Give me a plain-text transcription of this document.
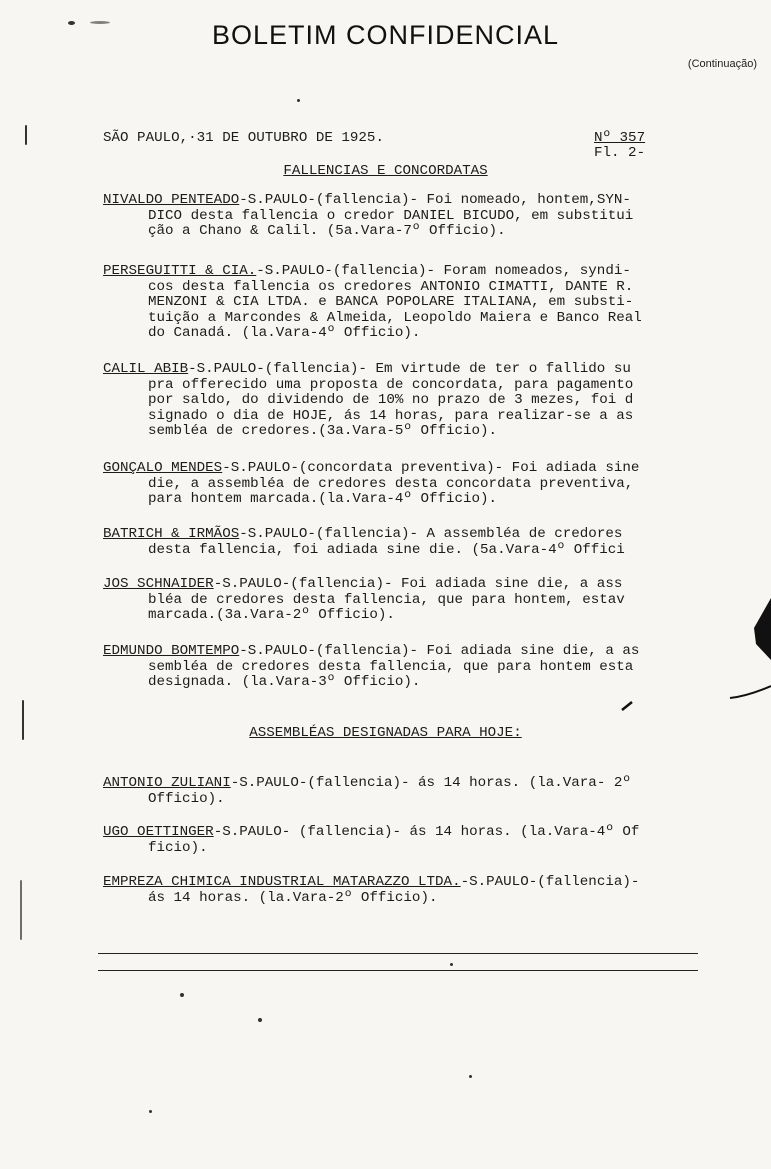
BOLETIM CONFIDENCIAL
(Continuação)
SÃO PAULO,·31 DE OUTUBRO DE 1925.	Nº 357
Fl. 2-
FALLENCIAS E CONCORDATAS
NIVALDO PENTEADO-S.PAULO-(fallencia)- Foi nomeado, hontem,SYN-
DICO desta fallencia o credor DANIEL BICUDO, em substitui
ção a Chano & Calil. (5a.Vara-7º Officio).
PERSEGUITTI & CIA.-S.PAULO-(fallencia)- Foram nomeados, syndi-
cos desta fallencia os credores ANTONIO CIMATTI, DANTE R.
MENZONI & CIA LTDA. e BANCA POPOLARE ITALIANA, em substi-
tuição a Marcondes & Almeida, Leopoldo Maiera e Banco Real
do Canadá. (la.Vara-4º Officio).
CALIL ABIB-S.PAULO-(fallencia)- Em virtude de ter o fallido su
pra offerecido uma proposta de concordata, para pagamento
por saldo, do dividendo de 10% no prazo de 3 mezes, foi d
signado o dia de HOJE, ás 14 horas, para realizar-se a as
sembléa de credores.(3a.Vara-5º Officio).
GONÇALO MENDES-S.PAULO-(concordata preventiva)- Foi adiada sine
die, a assembléa de credores desta concordata preventiva,
para hontem marcada.(la.Vara-4º Officio).
BATRICH & IRMÃOS-S.PAULO-(fallencia)- A assembléa de credores
desta fallencia, foi adiada sine die. (5a.Vara-4º Offici
JOS SCHNAIDER-S.PAULO-(fallencia)- Foi adiada sine die, a ass
bléa de credores desta fallencia, que para hontem, estav
marcada.(3a.Vara-2º Officio).
EDMUNDO BOMTEMPO-S.PAULO-(fallencia)- Foi adiada sine die, a as
sembléa de credores desta fallencia, que para hontem esta
designada. (la.Vara-3º Officio).
ASSEMBLÉAS DESIGNADAS PARA HOJE:
ANTONIO ZULIANI-S.PAULO-(fallencia)- ás 14 horas. (la.Vara- 2º
Officio).
UGO OETTINGER-S.PAULO- (fallencia)- ás 14 horas. (la.Vara-4º Of
ficio).
EMPREZA CHIMICA INDUSTRIAL MATARAZZO LTDA.-S.PAULO-(fallencia)-
ás 14 horas. (la.Vara-2º Officio).
